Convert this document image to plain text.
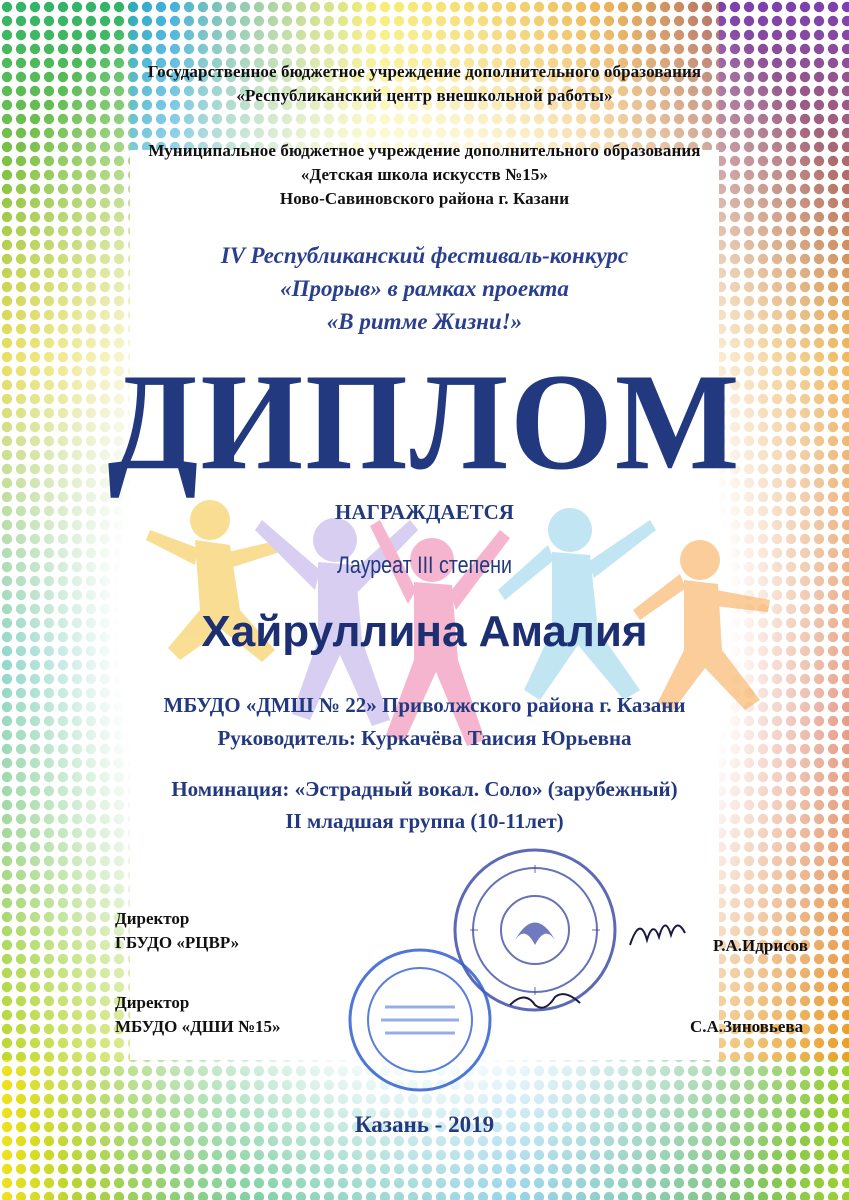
Государственное бюджетное учреждение дополнительного образования
«Республиканский центр внешкольной работы»
Муниципальное бюджетное учреждение дополнительного образования
«Детская школа искусств №15»
Ново-Савиновского района г. Казани
IV Республиканский фестиваль-конкурс
«Прорыв» в рамках проекта
«В ритме Жизни!»
ДИПЛОМ
НАГРАЖДАЕТСЯ
Лауреат III степени
Хайруллина Амалия
МБУДО «ДМШ № 22» Приволжского района г. Казани
Руководитель: Куркачёва Таисия Юрьевна
Номинация: «Эстрадный вокал. Соло» (зарубежный)
II младшая группа (10-11лет)
Директор
ГБУДО «РЦВР»	Р.А.Идрисов
Директор
МБУДО «ДШИ №15»	С.А.Зиновьева
Казань - 2019
